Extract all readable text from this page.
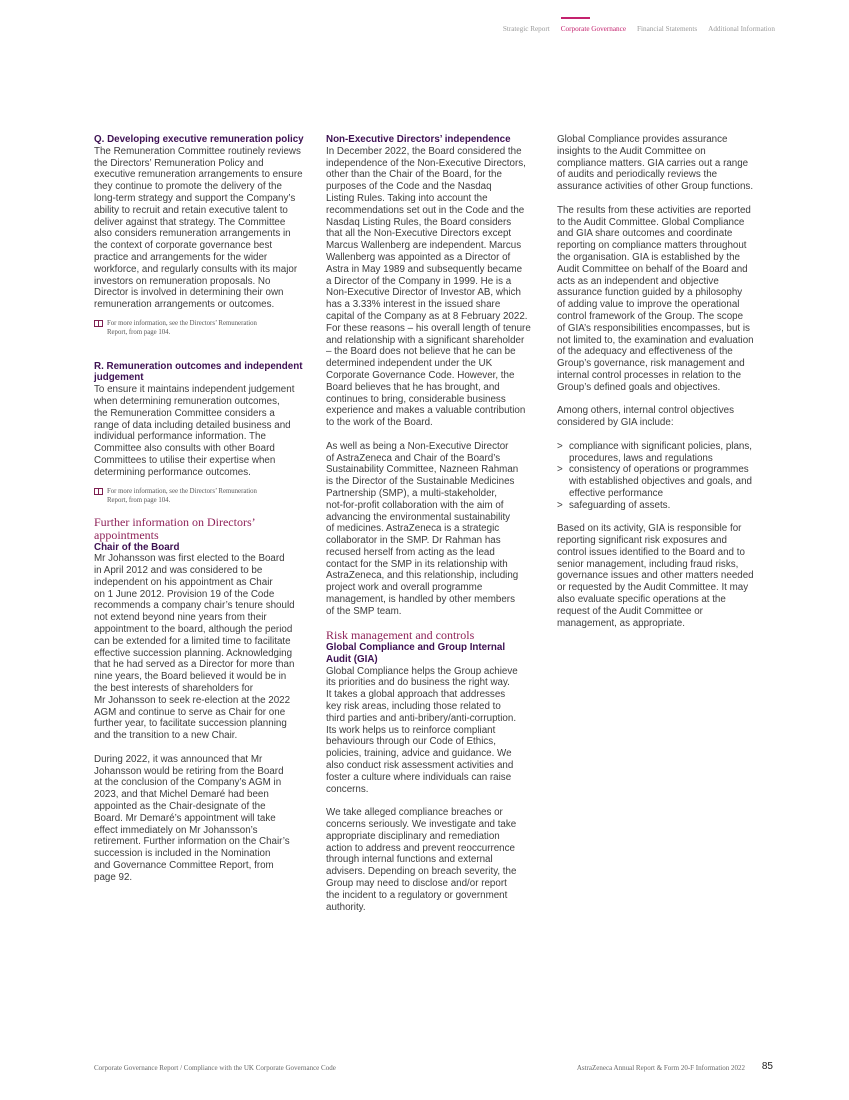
Strategic Report Corporate Governance Financial Statements Additional Information
Q. Developing executive remuneration policy
The Remuneration Committee routinely reviews
the Directors’ Remuneration Policy and
executive remuneration arrangements to ensure
they continue to promote the delivery of the
long-term strategy and support the Company’s
ability to recruit and retain executive talent to
deliver against that strategy. The Committee
also considers remuneration arrangements in
the context of corporate governance best
practice and arrangements for the wider
workforce, and regularly consults with its major
investors on remuneration proposals. No
Director is involved in determining their own
remuneration arrangements or outcomes.
For more information, see the Directors’ Remuneration
Report, from page 104.
R. Remuneration outcomes and independent
judgement
To ensure it maintains independent judgement
when determining remuneration outcomes,
the Remuneration Committee considers a
range of data including detailed business and
individual performance information. The
Committee also consults with other Board
Committees to utilise their expertise when
determining performance outcomes.
For more information, see the Directors’ Remuneration
Report, from page 104.
Further information on Directors’
appointments
Chair of the Board
Mr Johansson was first elected to the Board
in April 2012 and was considered to be
independent on his appointment as Chair
on 1 June 2012. Provision 19 of the Code
recommends a company chair’s tenure should
not extend beyond nine years from their
appointment to the board, although the period
can be extended for a limited time to facilitate
effective succession planning. Acknowledging
that he had served as a Director for more than
nine years, the Board believed it would be in
the best interests of shareholders for
Mr Johansson to seek re-election at the 2022
AGM and continue to serve as Chair for one
further year, to facilitate succession planning
and the transition to a new Chair.
During 2022, it was announced that Mr
Johansson would be retiring from the Board
at the conclusion of the Company’s AGM in
2023, and that Michel Demaré had been
appointed as the Chair-designate of the
Board. Mr Demaré’s appointment will take
effect immediately on Mr Johansson’s
retirement. Further information on the Chair’s
succession is included in the Nomination
and Governance Committee Report, from
page 92.
Non-Executive Directors’ independence
In December 2022, the Board considered the
independence of the Non-Executive Directors,
other than the Chair of the Board, for the
purposes of the Code and the Nasdaq
Listing Rules. Taking into account the
recommendations set out in the Code and the
Nasdaq Listing Rules, the Board considers
that all the Non-Executive Directors except
Marcus Wallenberg are independent. Marcus
Wallenberg was appointed as a Director of
Astra in May 1989 and subsequently became
a Director of the Company in 1999. He is a
Non-Executive Director of Investor AB, which
has a 3.33% interest in the issued share
capital of the Company as at 8 February 2022.
For these reasons – his overall length of tenure
and relationship with a significant shareholder
– the Board does not believe that he can be
determined independent under the UK
Corporate Governance Code. However, the
Board believes that he has brought, and
continues to bring, considerable business
experience and makes a valuable contribution
to the work of the Board.
As well as being a Non-Executive Director
of AstraZeneca and Chair of the Board’s
Sustainability Committee, Nazneen Rahman
is the Director of the Sustainable Medicines
Partnership (SMP), a multi-stakeholder,
not-for-profit collaboration with the aim of
advancing the environmental sustainability
of medicines. AstraZeneca is a strategic
collaborator in the SMP. Dr Rahman has
recused herself from acting as the lead
contact for the SMP in its relationship with
AstraZeneca, and this relationship, including
project work and overall programme
management, is handled by other members
of the SMP team.
Risk management and controls
Global Compliance and Group Internal
Audit (GIA)
Global Compliance helps the Group achieve
its priorities and do business the right way.
It takes a global approach that addresses
key risk areas, including those related to
third parties and anti-bribery/anti-corruption.
Its work helps us to reinforce compliant
behaviours through our Code of Ethics,
policies, training, advice and guidance. We
also conduct risk assessment activities and
foster a culture where individuals can raise
concerns.
We take alleged compliance breaches or
concerns seriously. We investigate and take
appropriate disciplinary and remediation
action to address and prevent reoccurrence
through internal functions and external
advisers. Depending on breach severity, the
Group may need to disclose and/or report
the incident to a regulatory or government
authority.
Global Compliance provides assurance
insights to the Audit Committee on
compliance matters. GIA carries out a range
of audits and periodically reviews the
assurance activities of other Group functions.
The results from these activities are reported
to the Audit Committee. Global Compliance
and GIA share outcomes and coordinate
reporting on compliance matters throughout
the organisation. GIA is established by the
Audit Committee on behalf of the Board and
acts as an independent and objective
assurance function guided by a philosophy
of adding value to improve the operational
control framework of the Group. The scope
of GIA’s responsibilities encompasses, but is
not limited to, the examination and evaluation
of the adequacy and effectiveness of the
Group’s governance, risk management and
internal control processes in relation to the
Group’s defined goals and objectives.
Among others, internal control objectives
considered by GIA include:
> compliance with significant policies, plans,
procedures, laws and regulations
> consistency of operations or programmes
with established objectives and goals, and
effective performance
> safeguarding of assets.
Based on its activity, GIA is responsible for
reporting significant risk exposures and
control issues identified to the Board and to
senior management, including fraud risks,
governance issues and other matters needed
or requested by the Audit Committee. It may
also evaluate specific operations at the
request of the Audit Committee or
management, as appropriate.
Corporate Governance Report / Compliance with the UK Corporate Governance Code	AstraZeneca Annual Report & Form 20-F Information 2022 85
